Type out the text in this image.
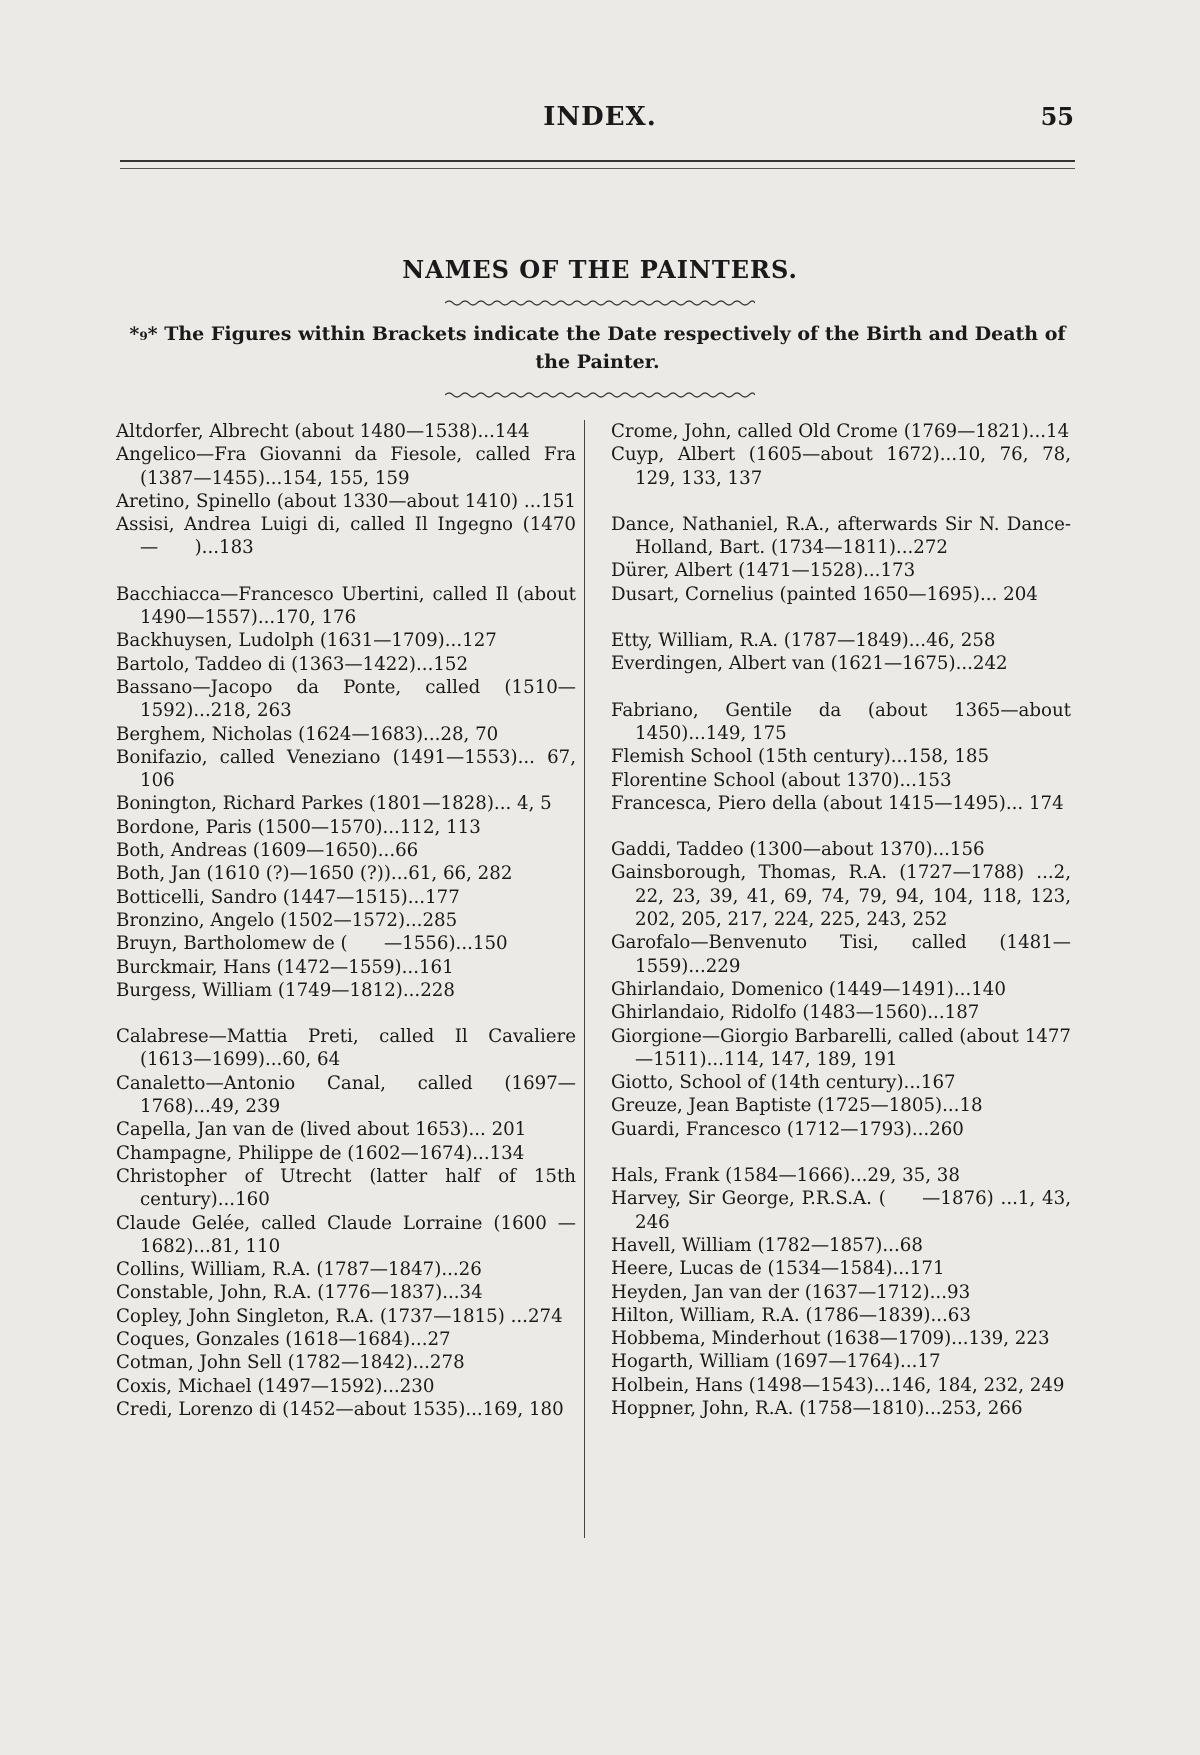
INDEX.	55
NAMES OF THE PAINTERS.
*₉* The Figures within Brackets indicate the Date respectively of the Birth and Death of the Painter.

Altdorfer, Albrecht (about 1480—1538)...144

Angelico—Fra Giovanni da Fiesole, called Fra (1387—1455)...154, 155, 159

Aretino, Spinello (about 1330—about 1410) ...151

Assisi, Andrea Luigi di, called Il Ingegno (1470—  )...183

Bacchiacca—Francesco Ubertini, called Il (about 1490—1557)...170, 176

Backhuysen, Ludolph (1631—1709)...127

Bartolo, Taddeo di (1363—1422)...152

Bassano—Jacopo da Ponte, called (1510—1592)...218, 263

Berghem, Nicholas (1624—1683)...28, 70

Bonifazio, called Veneziano (1491—1553)... 67, 106

Bonington, Richard Parkes (1801—1828)... 4, 5

Bordone, Paris (1500—1570)...112, 113

Both, Andreas (1609—1650)...66

Both, Jan (1610 (?)—1650 (?))...61, 66, 282

Botticelli, Sandro (1447—1515)...177

Bronzino, Angelo (1502—1572)...285

Bruyn, Bartholomew de (  —1556)...150

Burckmair, Hans (1472—1559)...161

Burgess, William (1749—1812)...228

Calabrese—Mattia Preti, called Il Cavaliere (1613—1699)...60, 64

Canaletto—Antonio Canal, called (1697—1768)...49, 239

Capella, Jan van de (lived about 1653)... 201

Champagne, Philippe de (1602—1674)...134

Christopher of Utrecht (latter half of 15th century)...160

Claude Gelée, called Claude Lorraine (1600 —1682)...81, 110

Collins, William, R.A. (1787—1847)...26

Constable, John, R.A. (1776—1837)...34

Copley, John Singleton, R.A. (1737—1815) ...274

Coques, Gonzales (1618—1684)...27

Cotman, John Sell (1782—1842)...278

Coxis, Michael (1497—1592)...230

Credi, Lorenzo di (1452—about 1535)...169, 180

Crome, John, called Old Crome (1769—1821)...14

Cuyp, Albert (1605—about 1672)...10, 76, 78, 129, 133, 137

Dance, Nathaniel, R.A., afterwards Sir N. Dance-Holland, Bart. (1734—1811)...272

Dürer, Albert (1471—1528)...173

Dusart, Cornelius (painted 1650—1695)... 204

Etty, William, R.A. (1787—1849)...46, 258

Everdingen, Albert van (1621—1675)...242

Fabriano, Gentile da (about 1365—about 1450)...149, 175

Flemish School (15th century)...158, 185

Florentine School (about 1370)...153

Francesca, Piero della (about 1415—1495)... 174

Gaddi, Taddeo (1300—about 1370)...156

Gainsborough, Thomas, R.A. (1727—1788) ...2, 22, 23, 39, 41, 69, 74, 79, 94, 104, 118, 123, 202, 205, 217, 224, 225, 243, 252

Garofalo—Benvenuto Tisi, called (1481—1559)...229

Ghirlandaio, Domenico (1449—1491)...140

Ghirlandaio, Ridolfo (1483—1560)...187

Giorgione—Giorgio Barbarelli, called (about 1477—1511)...114, 147, 189, 191

Giotto, School of (14th century)...167

Greuze, Jean Baptiste (1725—1805)...18

Guardi, Francesco (1712—1793)...260

Hals, Frank (1584—1666)...29, 35, 38

Harvey, Sir George, P.R.S.A. (  —1876) ...1, 43, 246

Havell, William (1782—1857)...68

Heere, Lucas de (1534—1584)...171

Heyden, Jan van der (1637—1712)...93

Hilton, William, R.A. (1786—1839)...63

Hobbema, Minderhout (1638—1709)...139, 223

Hogarth, William (1697—1764)...17

Holbein, Hans (1498—1543)...146, 184, 232, 249

Hoppner, John, R.A. (1758—1810)...253, 266
